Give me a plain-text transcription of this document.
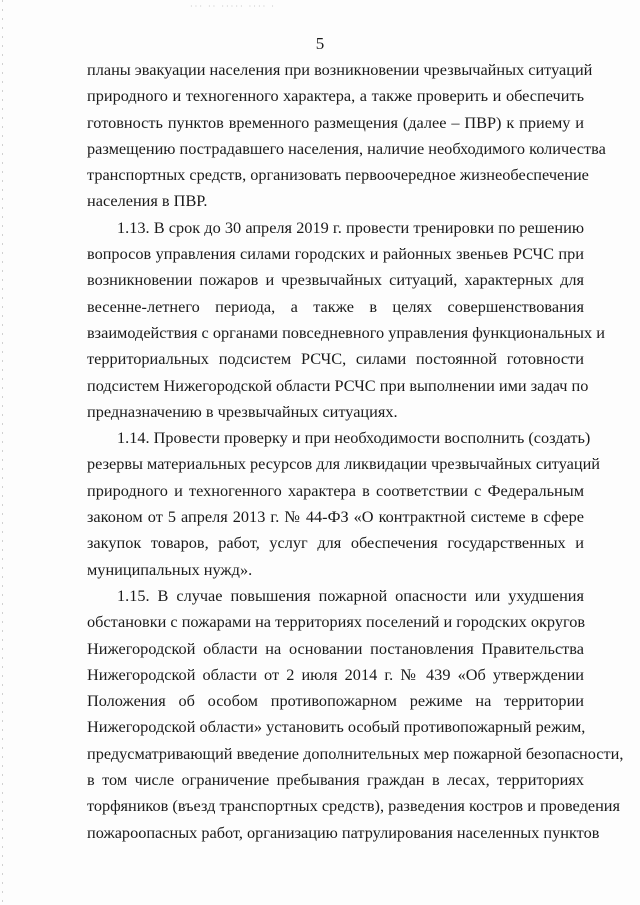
··· ·· ····· ···· ·
5
планы эвакуации населения при возникновении чрезвычайных ситуаций
природного и техногенного характера, а также проверить и обеспечить
готовность пунктов временного размещения (далее – ПВР) к приему и
размещению пострадавшего населения, наличие необходимого количества
транспортных средств, организовать первоочередное жизнеобеспечение
населения в ПВР.
1.13. В срок до 30 апреля 2019 г. провести тренировки по решению
вопросов управления силами городских и районных звеньев РСЧС при
возникновении пожаров и чрезвычайных ситуаций, характерных для
весенне-летнего периода, а также в целях совершенствования
взаимодействия с органами повседневного управления функциональных и
территориальных подсистем РСЧС, силами постоянной готовности
подсистем Нижегородской области РСЧС при выполнении ими задач по
предназначению в чрезвычайных ситуациях.
1.14. Провести проверку и при необходимости восполнить (создать)
резервы материальных ресурсов для ликвидации чрезвычайных ситуаций
природного и техногенного характера в соответствии с Федеральным
законом от 5 апреля 2013 г. № 44-ФЗ «О контрактной системе в сфере
закупок товаров, работ, услуг для обеспечения государственных и
муниципальных нужд».
1.15. В случае повышения пожарной опасности или ухудшения
обстановки с пожарами на территориях поселений и городских округов
Нижегородской области на основании постановления Правительства
Нижегородской области от 2 июля 2014 г. № 439 «Об утверждении
Положения об особом противопожарном режиме на территории
Нижегородской области» установить особый противопожарный режим,
предусматривающий введение дополнительных мер пожарной безопасности,
в том числе ограничение пребывания граждан в лесах, территориях
торфяников (въезд транспортных средств), разведения костров и проведения
пожароопасных работ, организацию патрулирования населенных пунктов
